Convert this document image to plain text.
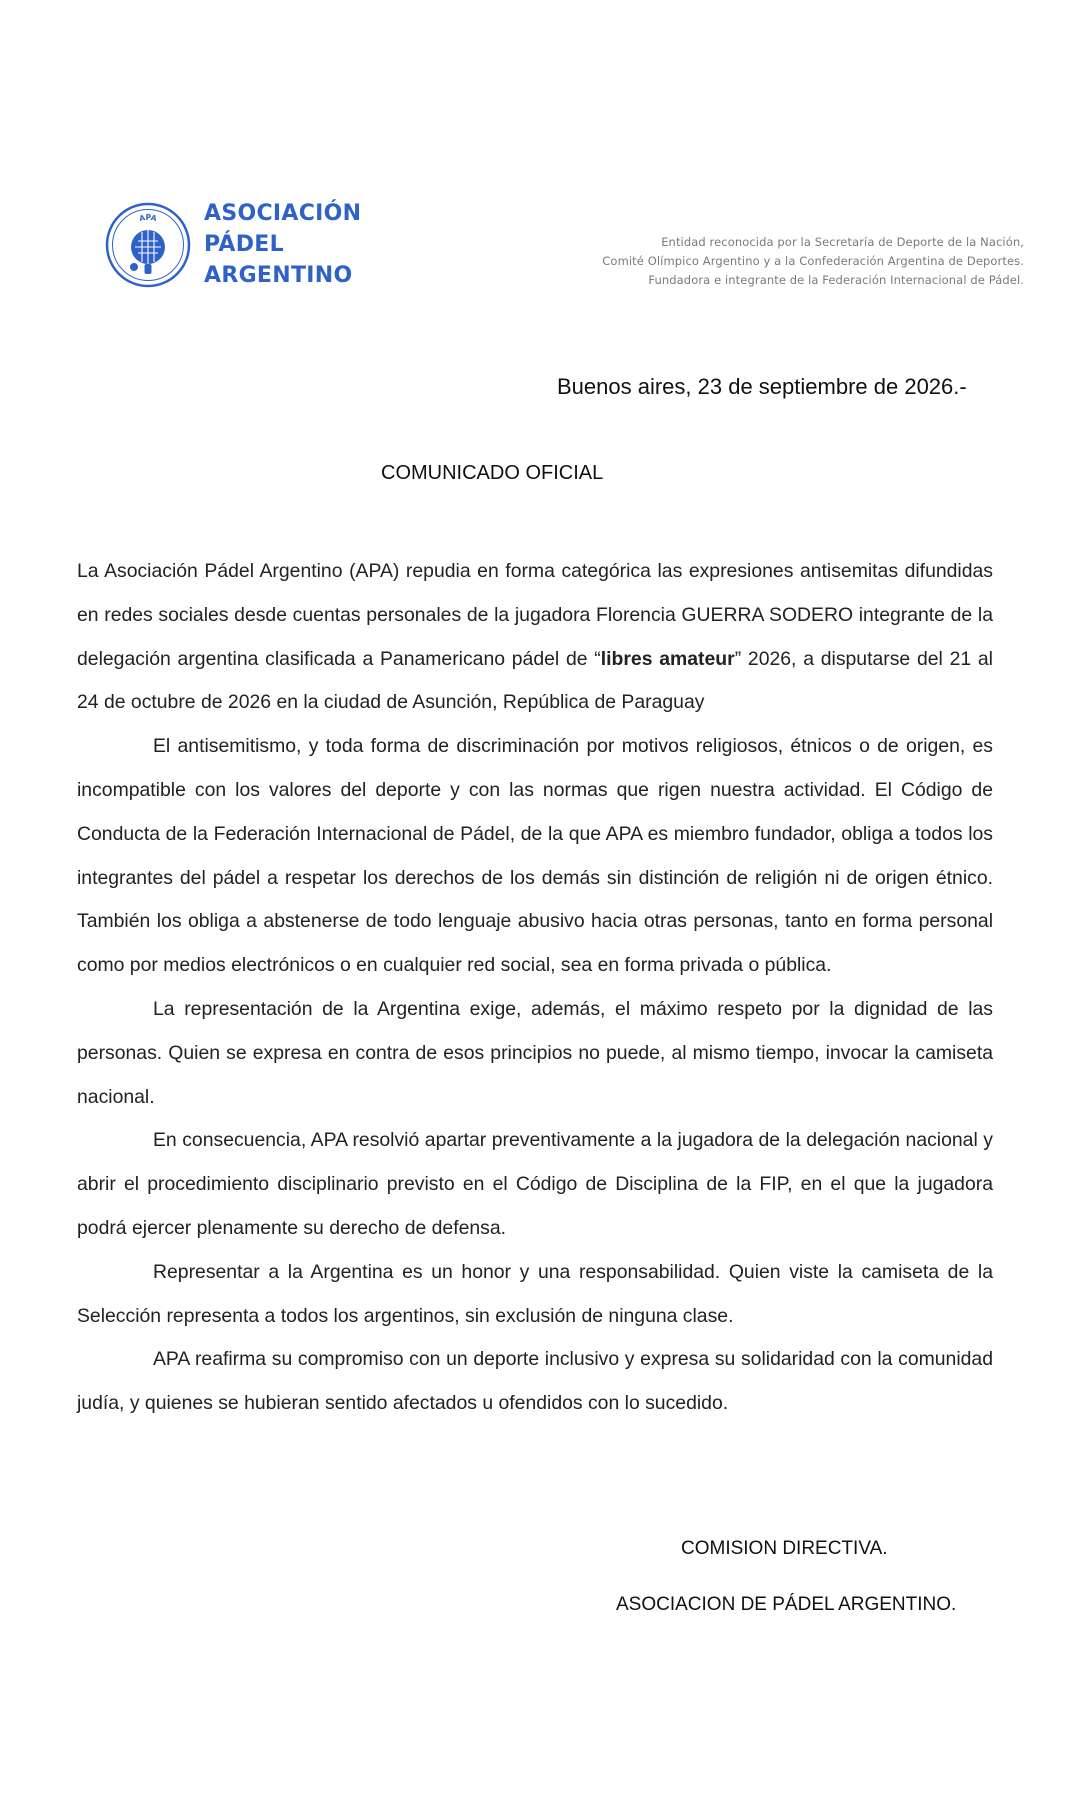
APA ASOCIACIÓN
PÁDEL
ARGENTINO
Entidad reconocida por la Secretaría de Deporte de la Nación,
Comité Olímpico Argentino y a la Confederación Argentina de Deportes.
Fundadora e integrante de la Federación Internacional de Pádel.
Buenos aires, 23 de septiembre de 2026.-
COMUNICADO OFICIAL

La Asociación Pádel Argentino (APA) repudia en forma categórica las expresiones antisemitas difundidas en redes sociales desde cuentas personales de la jugadora Florencia GUERRA SODERO integrante de la delegación argentina clasificada a Panamericano pádel de “libres amateur” 2026, a disputarse del 21 al 24 de octubre de 2026 en la ciudad de Asunción, República de Paraguay

El antisemitismo, y toda forma de discriminación por motivos religiosos, étnicos o de origen, es incompatible con los valores del deporte y con las normas que rigen nuestra actividad. El Código de Conducta de la Federación Internacional de Pádel, de la que APA es miembro fundador, obliga a todos los integrantes del pádel a respetar los derechos de los demás sin distinción de religión ni de origen étnico. También los obliga a abstenerse de todo lenguaje abusivo hacia otras personas, tanto en forma personal como por medios electrónicos o en cualquier red social, sea en forma privada o pública.

La representación de la Argentina exige, además, el máximo respeto por la dignidad de las personas. Quien se expresa en contra de esos principios no puede, al mismo tiempo, invocar la camiseta nacional.

En consecuencia, APA resolvió apartar preventivamente a la jugadora de la delegación nacional y abrir el procedimiento disciplinario previsto en el Código de Disciplina de la FIP, en el que la jugadora podrá ejercer plenamente su derecho de defensa.

Representar a la Argentina es un honor y una responsabilidad. Quien viste la camiseta de la Selección representa a todos los argentinos, sin exclusión de ninguna clase.

APA reafirma su compromiso con un deporte inclusivo y expresa su solidaridad con la comunidad judía, y quienes se hubieran sentido afectados u ofendidos con lo sucedido.

COMISION DIRECTIVA.
ASOCIACION DE PÁDEL ARGENTINO.
